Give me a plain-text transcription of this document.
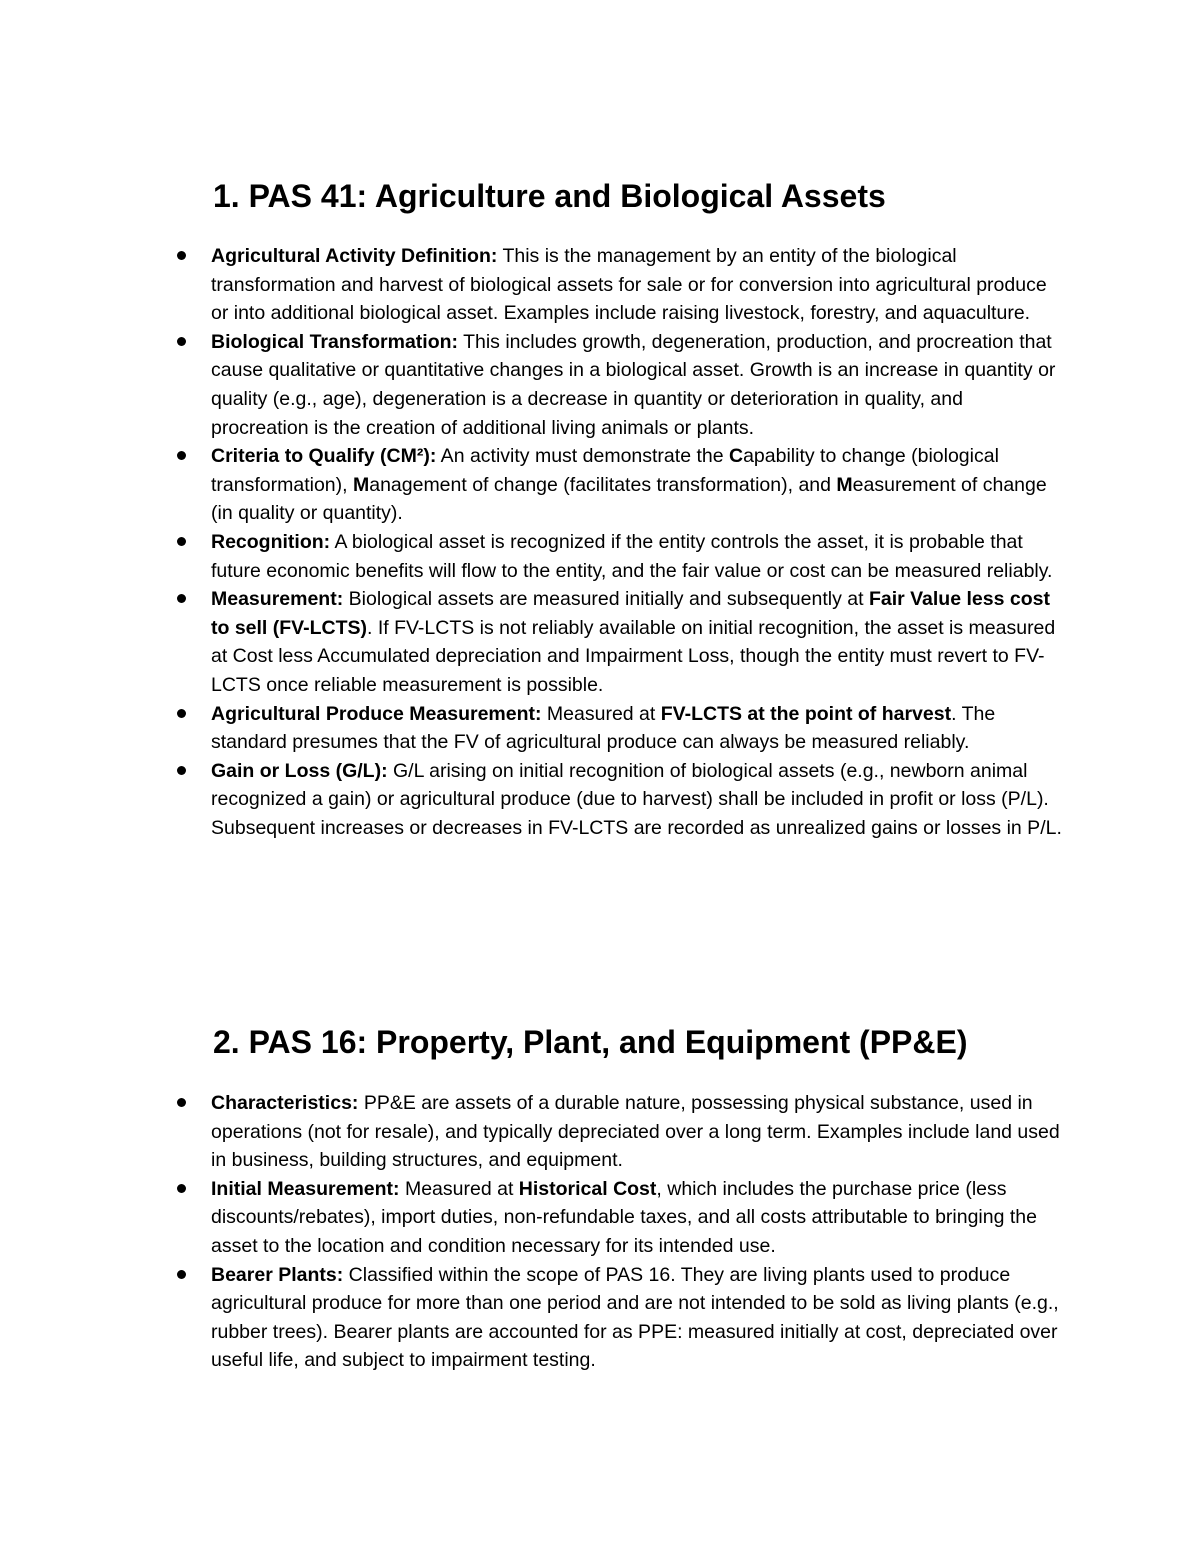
1. PAS 41: Agriculture and Biological Assets
Agricultural Activity Definition: This is the management by an entity of the biological transformation and harvest of biological assets for sale or for conversion into agricultural produce or into additional biological asset. Examples include raising livestock, forestry, and aquaculture.
Biological Transformation: This includes growth, degeneration, production, and procreation that cause qualitative or quantitative changes in a biological asset. Growth is an increase in quantity or quality (e.g., age), degeneration is a decrease in quantity or deterioration in quality, and procreation is the creation of additional living animals or plants.
Criteria to Qualify (CM²): An activity must demonstrate the Capability to change (biological transformation), Management of change (facilitates transformation), and Measurement of change (in quality or quantity).
Recognition: A biological asset is recognized if the entity controls the asset, it is probable that future economic benefits will flow to the entity, and the fair value or cost can be measured reliably.
Measurement: Biological assets are measured initially and subsequently at Fair Value less cost to sell (FV-LCTS). If FV-LCTS is not reliably available on initial recognition, the asset is measured at Cost less Accumulated depreciation and Impairment Loss, though the entity must revert to FV-LCTS once reliable measurement is possible.
Agricultural Produce Measurement: Measured at FV-LCTS at the point of harvest. The standard presumes that the FV of agricultural produce can always be measured reliably.
Gain or Loss (G/L): G/L arising on initial recognition of biological assets (e.g., newborn animal recognized a gain) or agricultural produce (due to harvest) shall be included in profit or loss (P/L). Subsequent increases or decreases in FV-LCTS are recorded as unrealized gains or losses in P/L.
2. PAS 16: Property, Plant, and Equipment (PP&E)
Characteristics: PP&E are assets of a durable nature, possessing physical substance, used in operations (not for resale), and typically depreciated over a long term. Examples include land used in business, building structures, and equipment.
Initial Measurement: Measured at Historical Cost, which includes the purchase price (less discounts/rebates), import duties, non-refundable taxes, and all costs attributable to bringing the asset to the location and condition necessary for its intended use.
Bearer Plants: Classified within the scope of PAS 16. They are living plants used to produce agricultural produce for more than one period and are not intended to be sold as living plants (e.g., rubber trees). Bearer plants are accounted for as PPE: measured initially at cost, depreciated over useful life, and subject to impairment testing.
